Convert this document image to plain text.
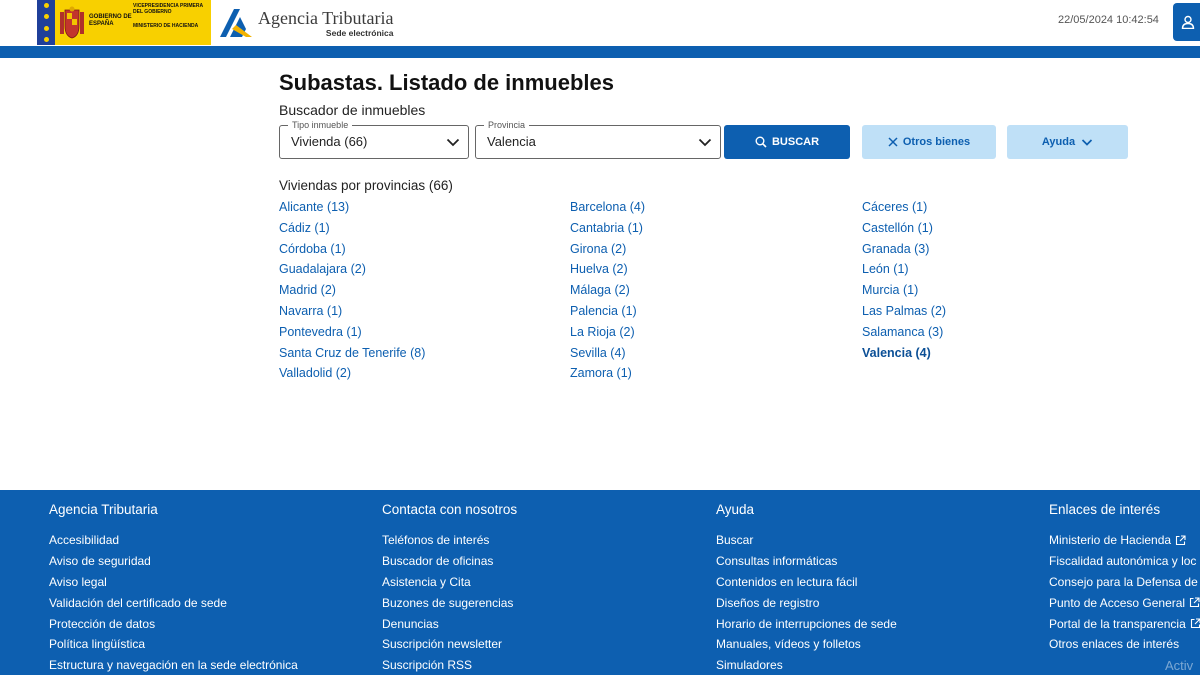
GOBIERNO DE ESPAÑA
VICEPRESIDENCIA PRIMERA DEL GOBIERNO
MINISTERIO DE HACIENDA	Agencia Tributaria
Sede electrónica
22/05/2024 10:42:54
Subastas. Listado de inmuebles
Buscador de inmuebles
Tipo inmueble
Vivienda (66)
Provincia
Valencia	BUSCAR	Otros bienes	Ayuda
Viviendas por provincias (66)
Alicante (13)
Cádiz (1)
Córdoba (1)
Guadalajara (2)
Madrid (2)
Navarra (1)
Pontevedra (1)
Santa Cruz de Tenerife (8)
Valladolid (2)
Barcelona (4)
Cantabria (1)
Girona (2)
Huelva (2)
Málaga (2)
Palencia (1)
La Rioja (2)
Sevilla (4)
Zamora (1)
Cáceres (1)
Castellón (1)
Granada (3)
León (1)
Murcia (1)
Las Palmas (2)
Salamanca (3)
Valencia (4)
Agencia Tributaria
Accesibilidad
Aviso de seguridad
Aviso legal
Validación del certificado de sede
Protección de datos
Política lingüística
Estructura y navegación en la sede electrónica
Contacta con nosotros
Teléfonos de interés
Buscador de oficinas
Asistencia y Cita
Buzones de sugerencias
Denuncias
Suscripción newsletter
Suscripción RSS
Ayuda
Buscar
Consultas informáticas
Contenidos en lectura fácil
Diseños de registro
Horario de interrupciones de sede
Manuales, vídeos y folletos
Simuladores
Enlaces de interés
Ministerio de Hacienda
Fiscalidad autonómica y loc
Consejo para la Defensa de
Punto de Acceso General
Portal de la transparencia
Otros enlaces de interés
Activ
